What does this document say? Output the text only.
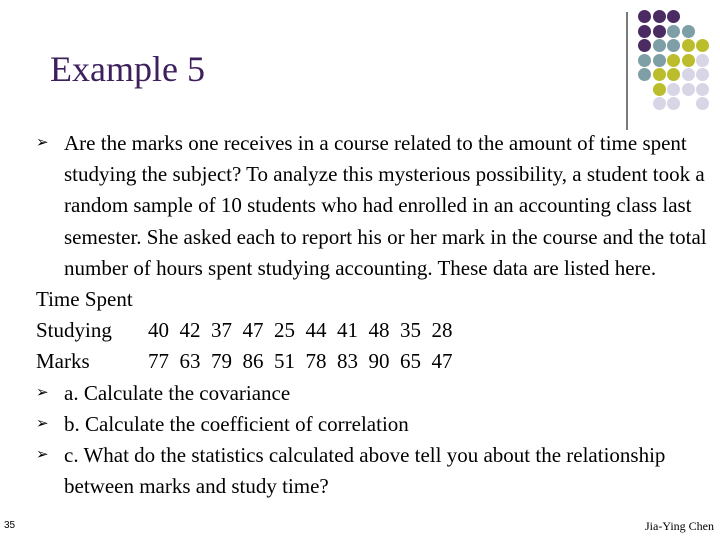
Example 5
➢ Are the marks one receives in a course related to the amount of time spent studying the subject? To analyze this mysterious possibility, a student took a random sample of 10 students who had enrolled in an accounting class last semester. She asked each to report his or her mark in the course and the total number of hours spent studying accounting. These data are listed here.
Time Spent
Studying 40  42  37  47  25  44  41  48  35  28
Marks	77  63  79  86  51  78  83  90  65  47
➢ a. Calculate the covariance
➢ b. Calculate the coefficient of correlation
➢ c. What do the statistics calculated above tell you about the relationship between marks and study time?
35	Jia-Ying Chen
